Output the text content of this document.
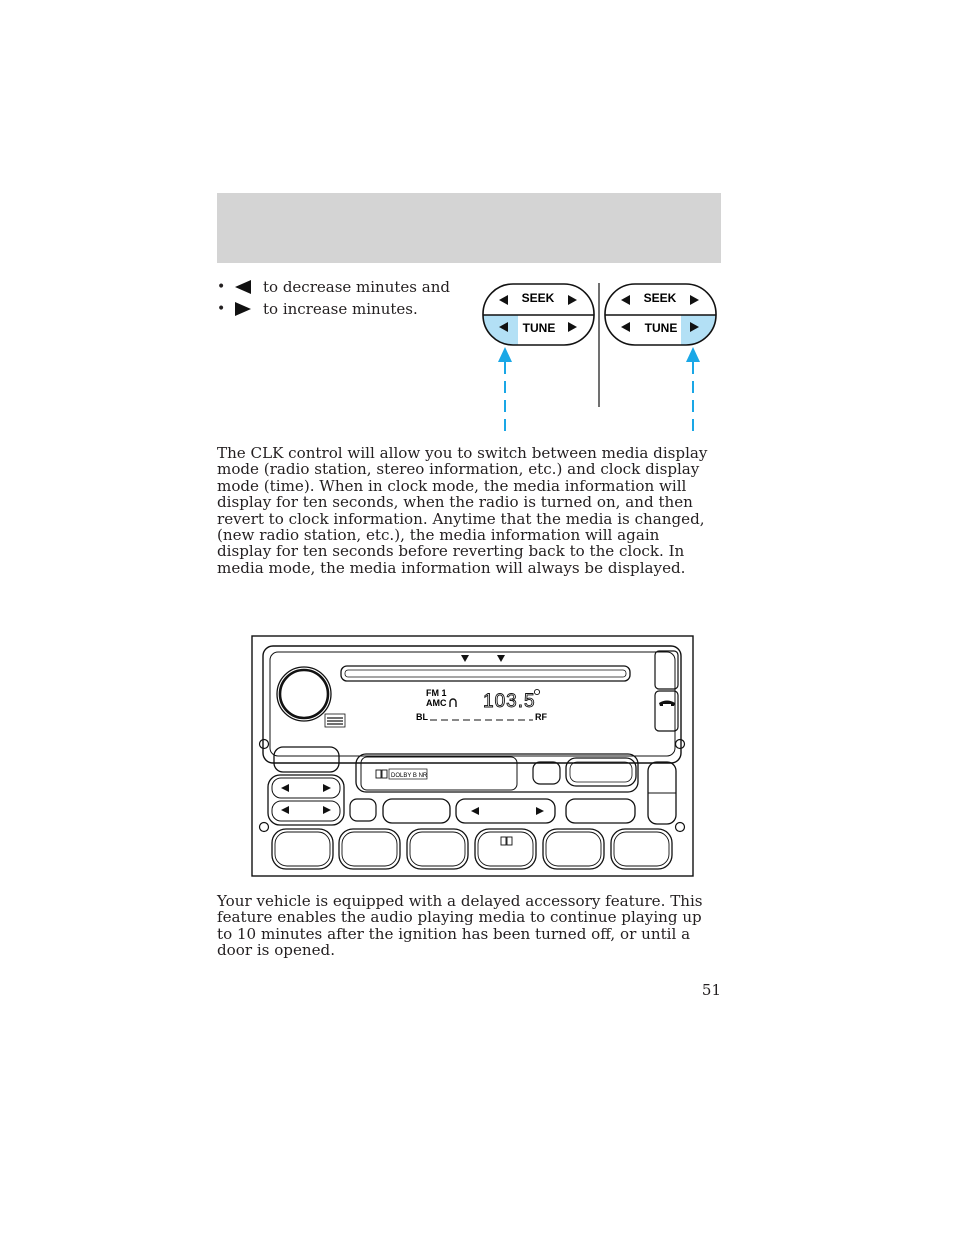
•	to decrease minutes and
•	to increase minutes.
SEEK
TUNE
SEEK
TUNE

The CLK control will allow you to switch between media display mode (radio station, stereo information, etc.) and clock display mode (time). When in clock mode, the media information will display for ten seconds, when the radio is turned on, and then revert to clock information. Anytime that the media is changed, (new radio station, etc.), the media information will again display for ten seconds before reverting back to the clock. In media mode, the media information will always be displayed.

FM 1
AMC 103.5
BL	RF
DOLBY B NR

Your vehicle is equipped with a delayed accessory feature. This feature enables the audio playing media to continue playing up to 10 minutes after the ignition has been turned off, or until a door is opened.

51
